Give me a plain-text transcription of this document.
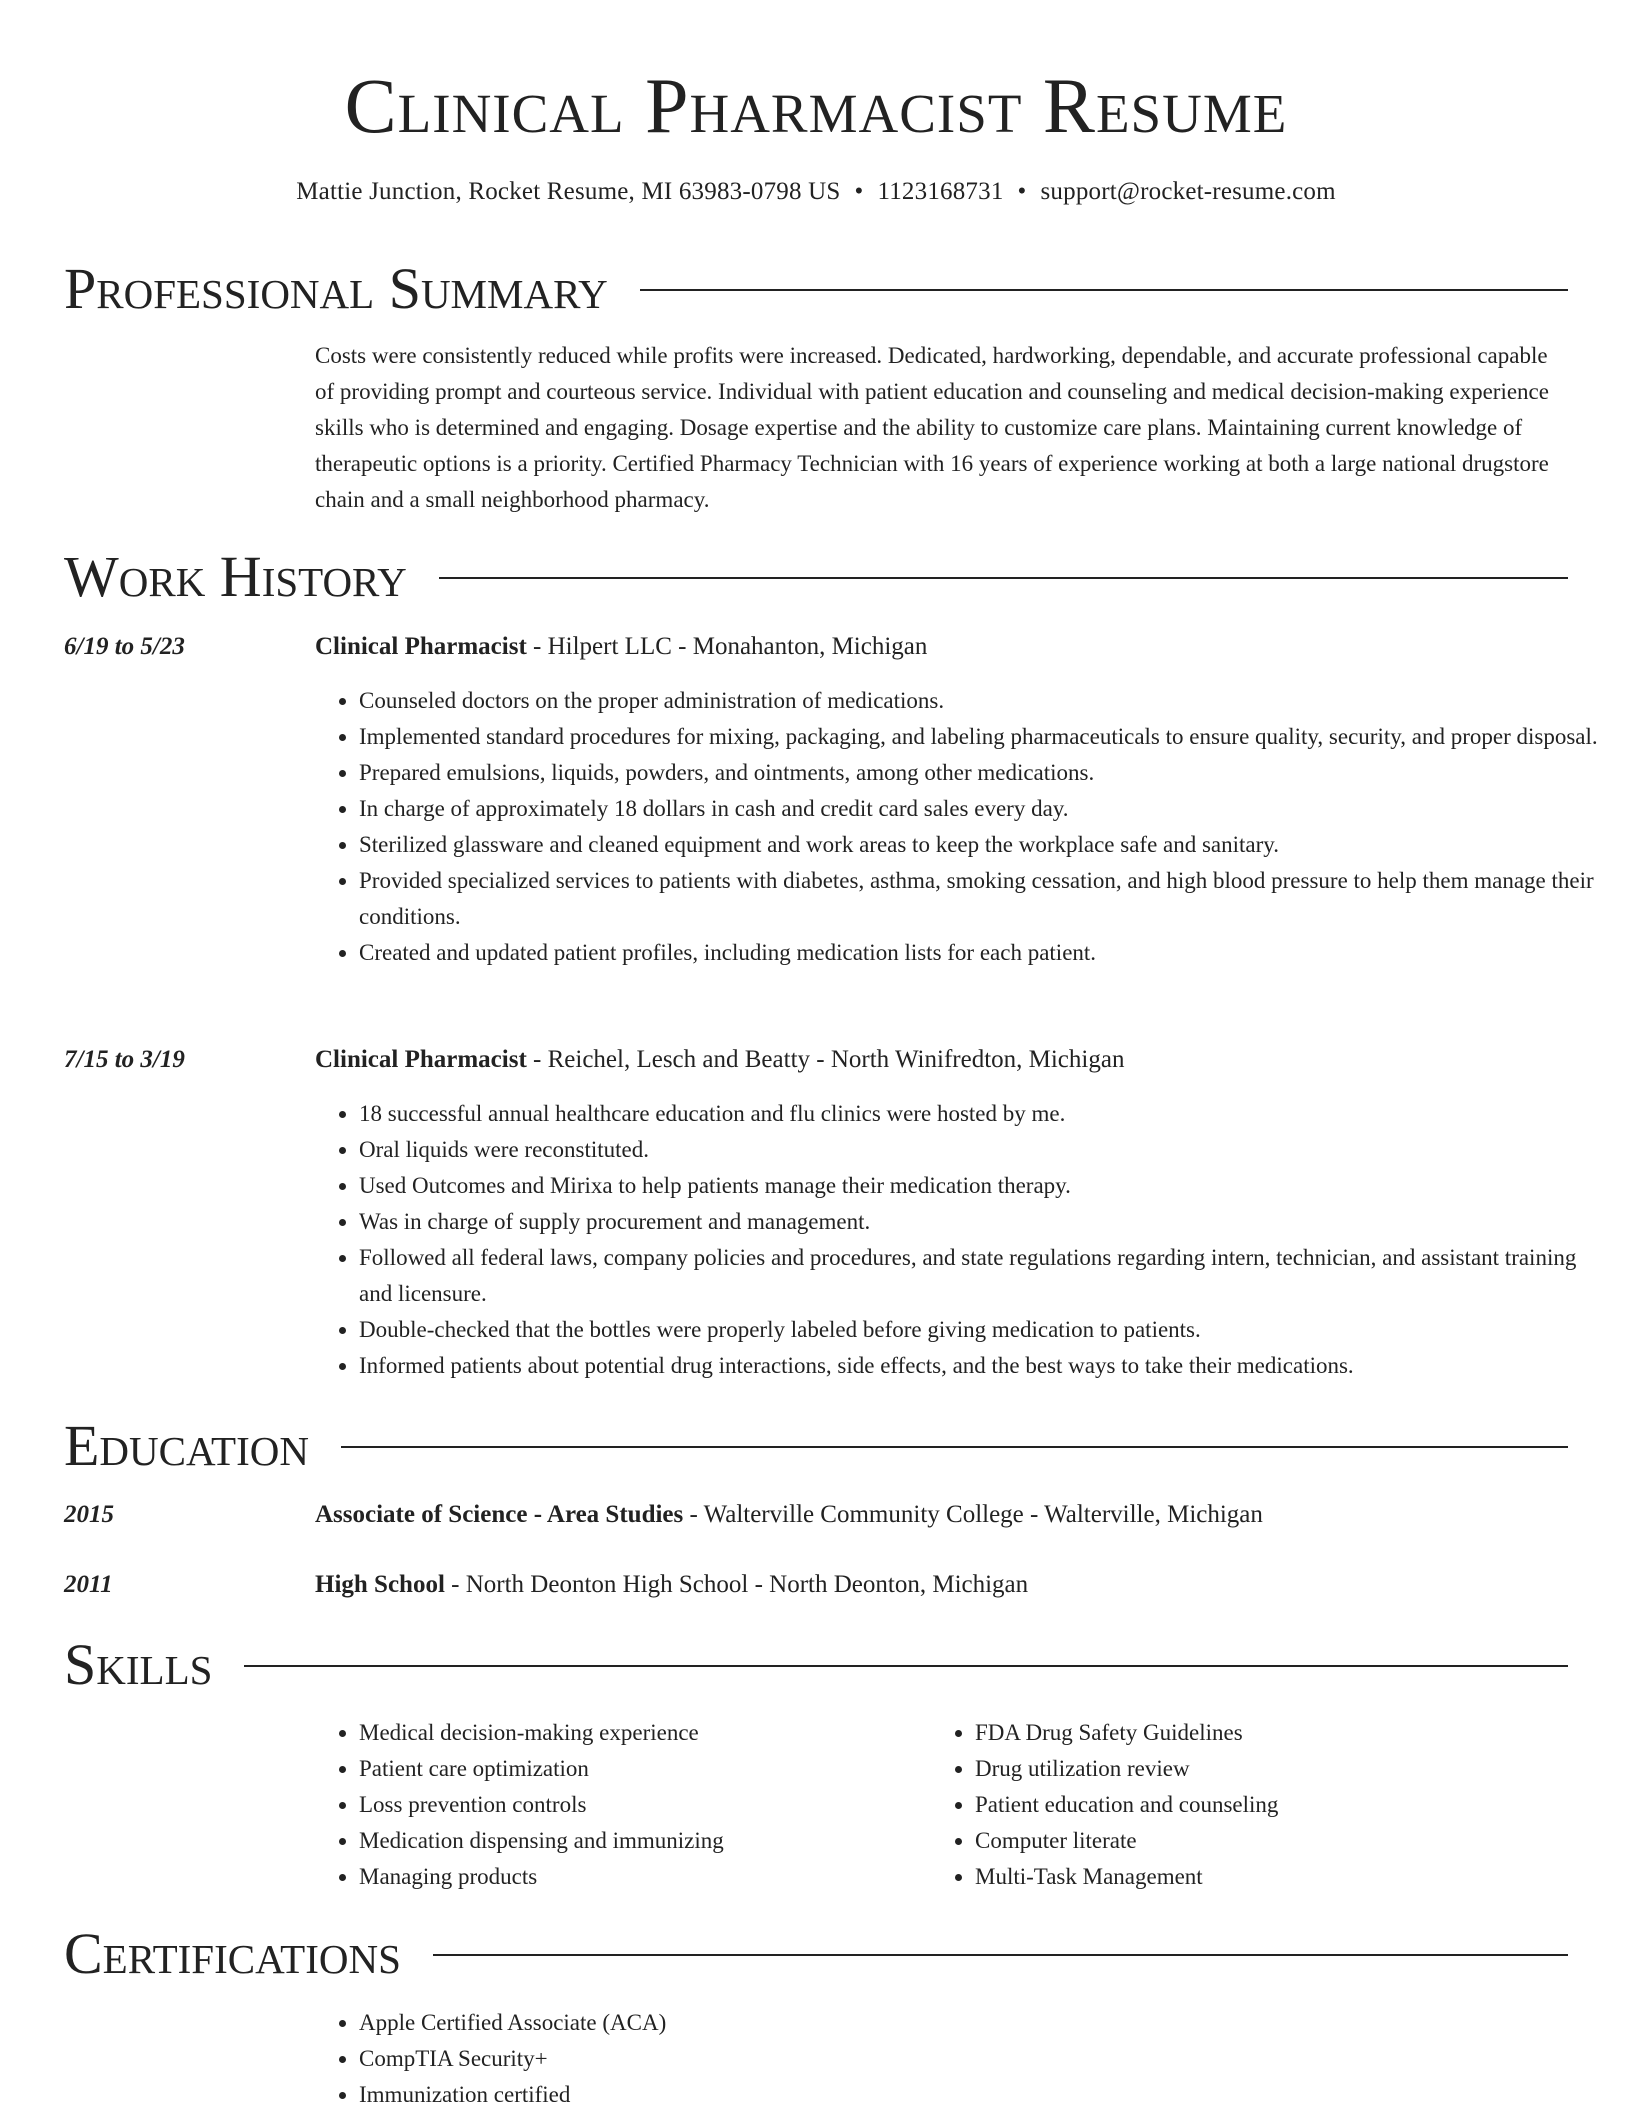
Clinical Pharmacist Resume
Mattie Junction, Rocket Resume, MI 63983-0798 US • 1123168731 • support@rocket-resume.com
Professional Summary
Costs were consistently reduced while profits were increased. Dedicated, hardworking, dependable, and accurate professional capable of providing prompt and courteous service. Individual with patient education and counseling and medical decision-making experience skills who is determined and engaging. Dosage expertise and the ability to customize care plans. Maintaining current knowledge of therapeutic options is a priority. Certified Pharmacy Technician with 16 years of experience working at both a large national drugstore chain and a small neighborhood pharmacy.
Work History
6/19 to 5/23	Clinical Pharmacist - Hilpert LLC - Monahanton, Michigan
• Counseled doctors on the proper administration of medications.
• Implemented standard procedures for mixing, packaging, and labeling pharmaceuticals to ensure quality, security, and proper disposal.
• Prepared emulsions, liquids, powders, and ointments, among other medications.
• In charge of approximately 18 dollars in cash and credit card sales every day.
• Sterilized glassware and cleaned equipment and work areas to keep the workplace safe and sanitary.
• Provided specialized services to patients with diabetes, asthma, smoking cessation, and high blood pressure to help them manage their conditions.
• Created and updated patient profiles, including medication lists for each patient.
7/15 to 3/19	Clinical Pharmacist - Reichel, Lesch and Beatty - North Winifredton, Michigan
• 18 successful annual healthcare education and flu clinics were hosted by me.
• Oral liquids were reconstituted.
• Used Outcomes and Mirixa to help patients manage their medication therapy.
• Was in charge of supply procurement and management.
• Followed all federal laws, company policies and procedures, and state regulations regarding intern, technician, and assistant training and licensure.
• Double-checked that the bottles were properly labeled before giving medication to patients.
• Informed patients about potential drug interactions, side effects, and the best ways to take their medications.
Education
2015	Associate of Science - Area Studies - Walterville Community College - Walterville, Michigan
2011	High School - North Deonton High School - North Deonton, Michigan
Skills
• Medical decision-making experience
• Patient care optimization
• Loss prevention controls
• Medication dispensing and immunizing
• Managing products
• FDA Drug Safety Guidelines
• Drug utilization review
• Patient education and counseling
• Computer literate
• Multi-Task Management
Certifications
• Apple Certified Associate (ACA)
• CompTIA Security+
• Immunization certified
